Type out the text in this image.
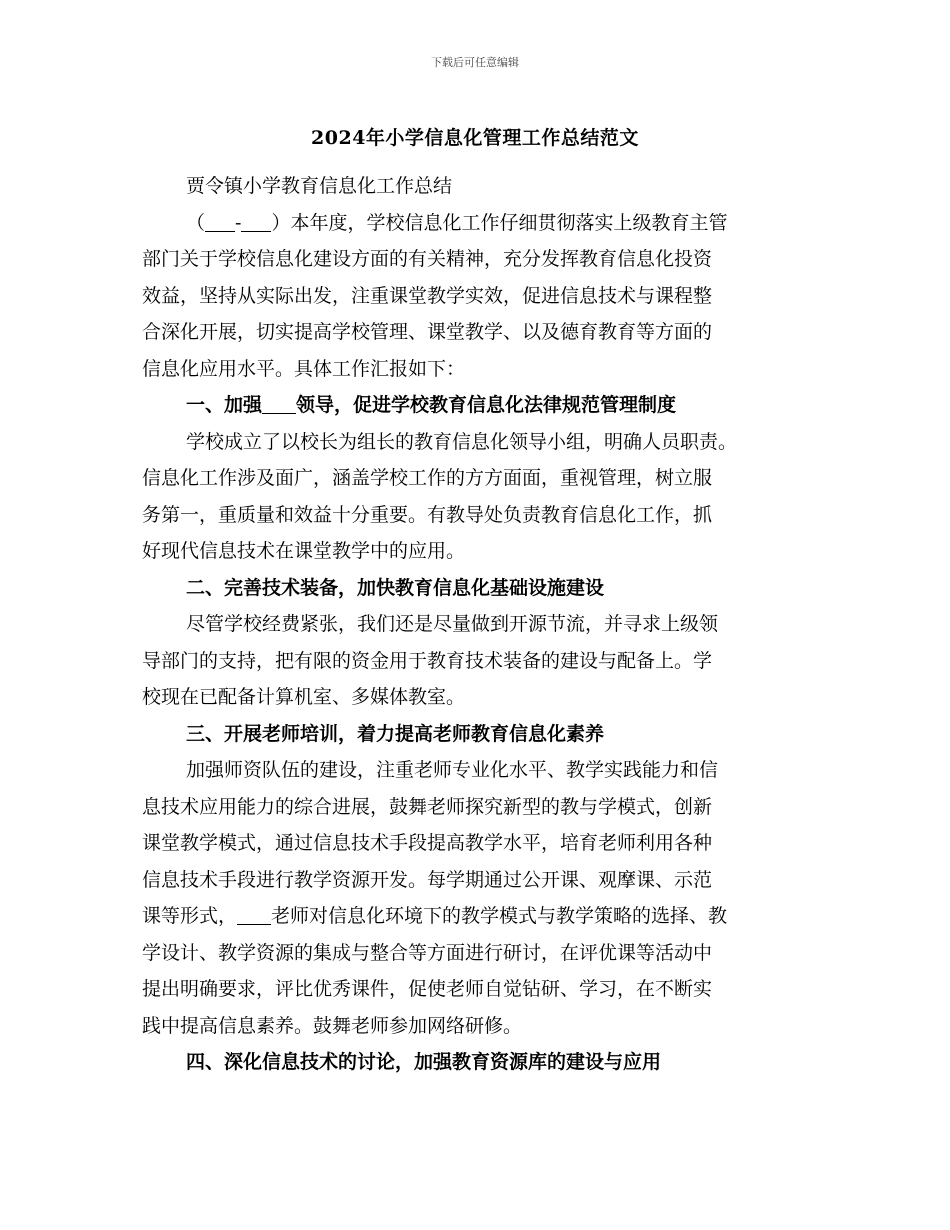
下载后可任意编辑
2024年小学信息化管理工作总结范文
贾令镇小学教育信息化工作总结
（ - ）本年度，学校信息化工作仔细贯彻落实上级教育主管
部门关于学校信息化建设方面的有关精神，充分发挥教育信息化投资
效益，坚持从实际出发，注重课堂教学实效，促进信息技术与课程整
合深化开展，切实提高学校管理、课堂教学、以及德育教育等方面的
信息化应用水平。具体工作汇报如下：
一、加强 领导，促进学校教育信息化法律规范管理制度
学校成立了以校长为组长的教育信息化领导小组，明确人员职责。
信息化工作涉及面广，涵盖学校工作的方方面面，重视管理，树立服
务第一，重质量和效益十分重要。有教导处负责教育信息化工作，抓
好现代信息技术在课堂教学中的应用。
二、完善技术装备，加快教育信息化基础设施建设
尽管学校经费紧张，我们还是尽量做到开源节流，并寻求上级领
导部门的支持，把有限的资金用于教育技术装备的建设与配备上。学
校现在已配备计算机室、多媒体教室。
三、开展老师培训，着力提高老师教育信息化素养
加强师资队伍的建设，注重老师专业化水平、教学实践能力和信
息技术应用能力的综合进展，鼓舞老师探究新型的教与学模式，创新
课堂教学模式，通过信息技术手段提高教学水平，培育老师利用各种
信息技术手段进行教学资源开发。每学期通过公开课、观摩课、示范
课等形式， 老师对信息化环境下的教学模式与教学策略的选择、教
学设计、教学资源的集成与整合等方面进行研讨，在评优课等活动中
提出明确要求，评比优秀课件，促使老师自觉钻研、学习，在不断实
践中提高信息素养。鼓舞老师参加网络研修。
四、深化信息技术的讨论，加强教育资源库的建设与应用
